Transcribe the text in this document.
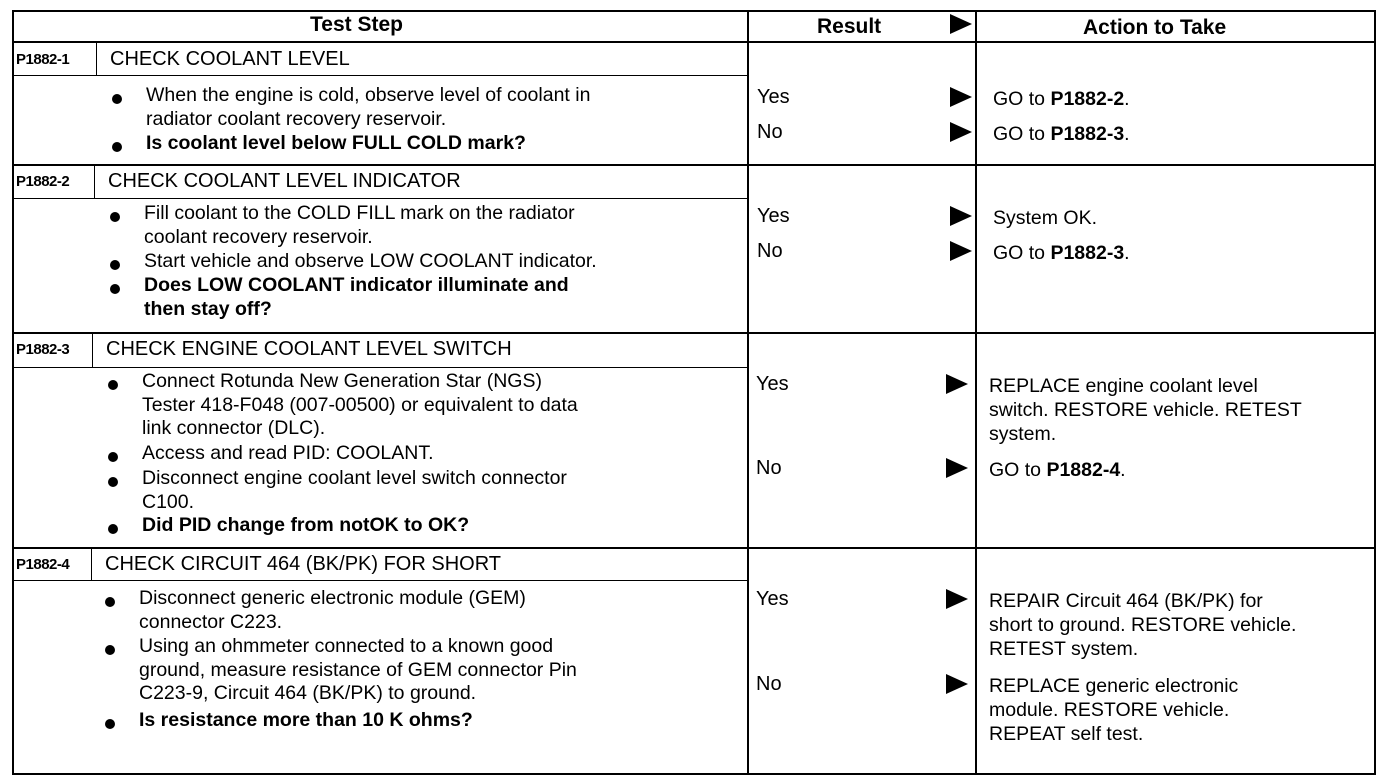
Test Step	Result	Action to Take
P1882-1 CHECK COOLANT LEVEL
When the engine is cold, observe level of coolant in
radiator coolant recovery reservoir.
Is coolant level below FULL COLD mark?
Yes	GO to P1882-2.
No	GO to P1882-3.
P1882-2 CHECK COOLANT LEVEL INDICATOR
Fill coolant to the COLD FILL mark on the radiator
coolant recovery reservoir.
Start vehicle and observe LOW COOLANT indicator.
Does LOW COOLANT indicator illuminate and
then stay off?
Yes	System OK.
No	GO to P1882-3.
P1882-3 CHECK ENGINE COOLANT LEVEL SWITCH
Connect Rotunda New Generation Star (NGS)
Tester 418-F048 (007-00500) or equivalent to data
link connector (DLC).
Access and read PID: COOLANT.
Disconnect engine coolant level switch connector
C100.
Did PID change from notOK to OK?
Yes	REPLACE engine coolant level
switch. RESTORE vehicle. RETEST
system.
No	GO to P1882-4.
P1882-4 CHECK CIRCUIT 464 (BK/PK) FOR SHORT
Disconnect generic electronic module (GEM)
connector C223.
Using an ohmmeter connected to a known good
ground, measure resistance of GEM connector Pin
C223-9, Circuit 464 (BK/PK) to ground.
Is resistance more than 10 K ohms?
Yes	REPAIR Circuit 464 (BK/PK) for
short to ground. RESTORE vehicle.
RETEST system.
No	REPLACE generic electronic
module. RESTORE vehicle.
REPEAT self test.
